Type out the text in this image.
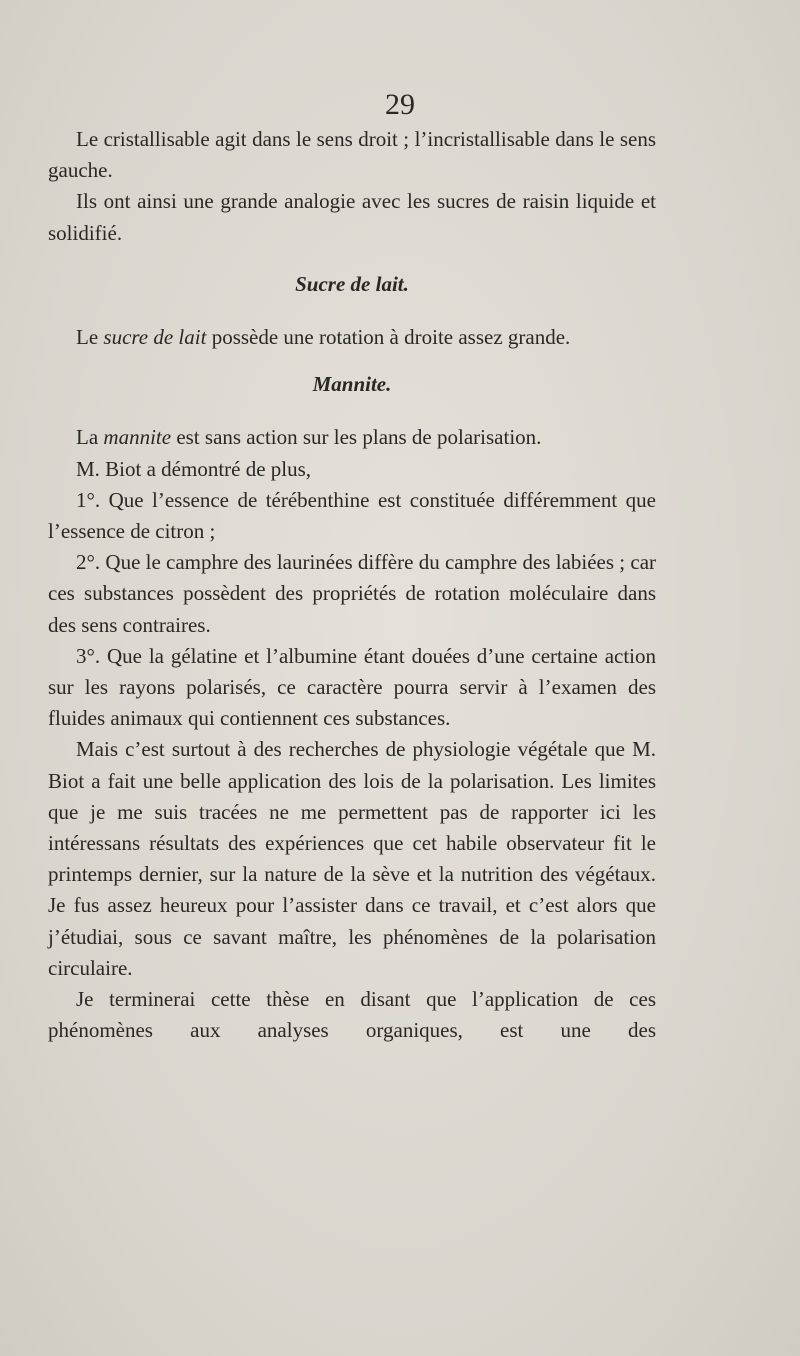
29

Le cristallisable agit dans le sens droit ; l’incristallisable dans le sens gauche.

Ils ont ainsi une grande analogie avec les sucres de raisin liquide et solidifié.

Sucre de lait.

Le sucre de lait possède une rotation à droite assez grande.

Mannite.

La mannite est sans action sur les plans de polarisation.

M. Biot a démontré de plus,

1°. Que l’essence de térébenthine est constituée différemment que l’essence de citron ;

2°. Que le camphre des laurinées diffère du camphre des labiées ; car ces substances possèdent des propriétés de rotation moléculaire dans des sens contraires.

3°. Que la gélatine et l’albumine étant douées d’une certaine action sur les rayons polarisés, ce caractère pourra servir à l’examen des fluides animaux qui contiennent ces substances.

Mais c’est surtout à des recherches de physiologie végétale que M. Biot a fait une belle application des lois de la polarisation. Les limites que je me suis tracées ne me permettent pas de rapporter ici les intéressans résultats des expériences que cet habile observateur fit le printemps dernier, sur la nature de la sève et la nutrition des végétaux. Je fus assez heureux pour l’assister dans ce travail, et c’est alors que j’étudiai, sous ce savant maître, les phénomènes de la polarisation circulaire.

Je terminerai cette thèse en disant que l’application de ces phénomènes aux analyses organiques, est une des
